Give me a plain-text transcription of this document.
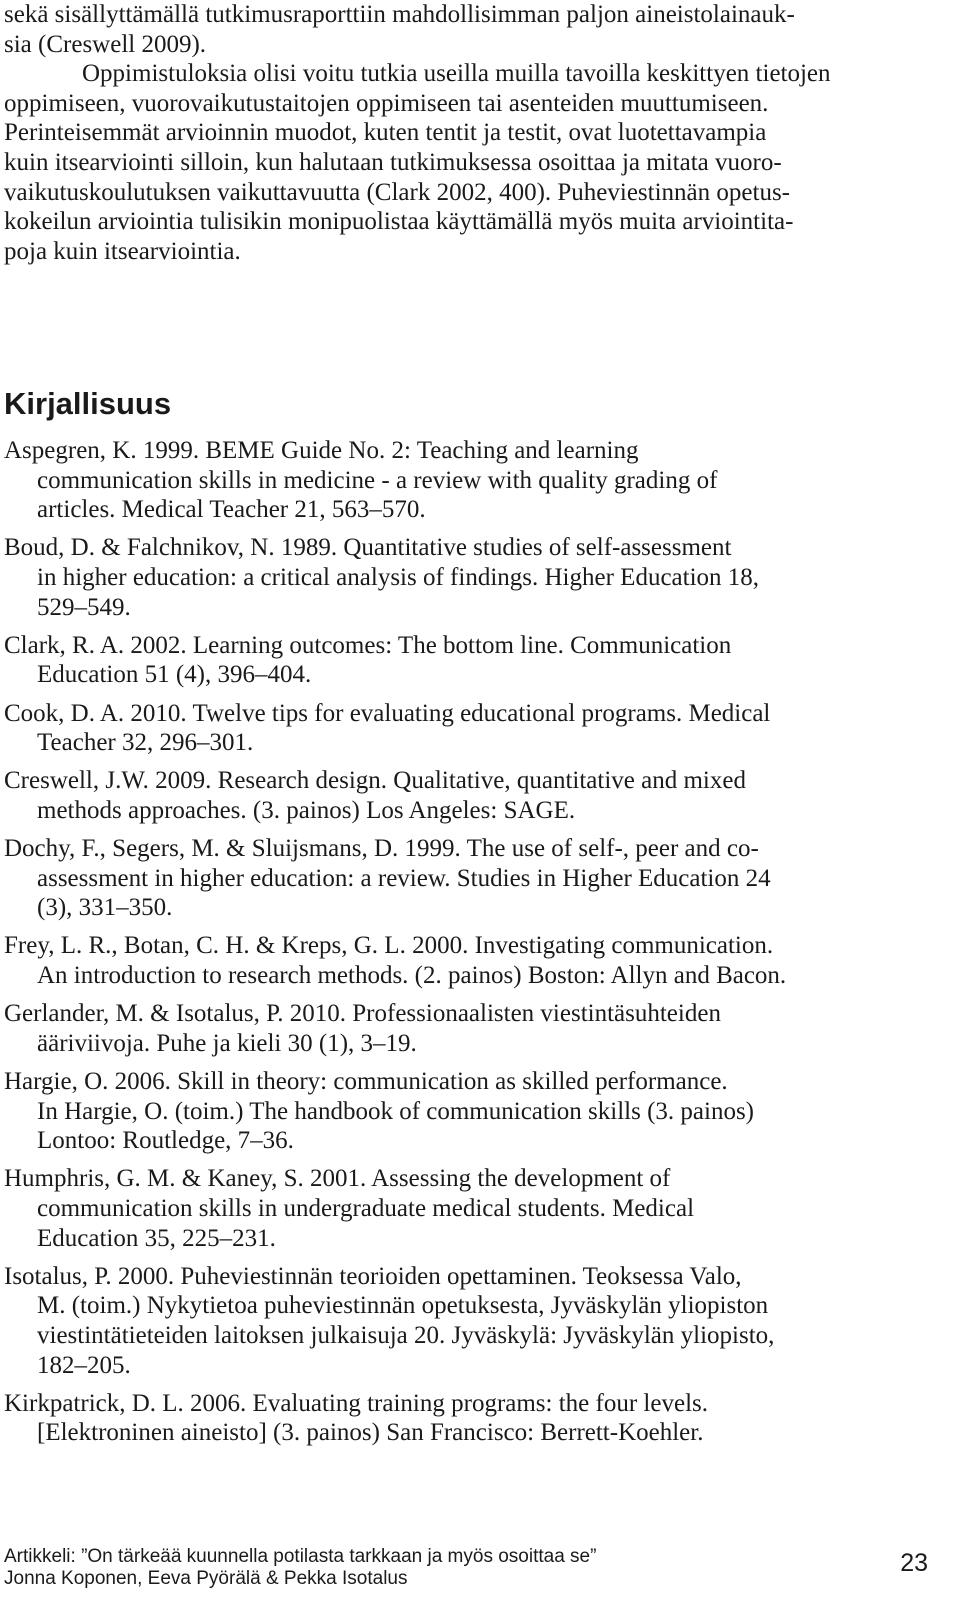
sekä sisällyttämällä tutkimusraporttiin mahdollisimman paljon aineistolainauk-
sia (Creswell 2009).
Oppimistuloksia olisi voitu tutkia useilla muilla tavoilla keskittyen tietojen
oppimiseen, vuorovaikutustaitojen oppimiseen tai asenteiden muuttumiseen.
Perinteisemmät arvioinnin muodot, kuten tentit ja testit, ovat luotettavampia
kuin itsearviointi silloin, kun halutaan tutkimuksessa osoittaa ja mitata vuoro-
vaikutuskoulutuksen vaikuttavuutta (Clark 2002, 400). Puheviestinnän opetus-
kokeilun arviointia tulisikin monipuolistaa käyttämällä myös muita arviointita-
poja kuin itsearviointia.
Kirjallisuus
Aspegren, K. 1999. BEME Guide No. 2: Teaching and learning
communication skills in medicine - a review with quality grading of
articles. Medical Teacher 21, 563–570.
Boud, D. & Falchnikov, N. 1989. Quantitative studies of self-assessment
in higher education: a critical analysis of findings. Higher Education 18,
529–549.
Clark, R. A. 2002. Learning outcomes: The bottom line. Communication
Education 51 (4), 396–404.
Cook, D. A. 2010. Twelve tips for evaluating educational programs. Medical
Teacher 32, 296–301.
Creswell, J.W. 2009. Research design. Qualitative, quantitative and mixed
methods approaches. (3. painos) Los Angeles: SAGE.
Dochy, F., Segers, M. & Sluijsmans, D. 1999. The use of self-, peer and co-
assessment in higher education: a review. Studies in Higher Education 24
(3), 331–350.
Frey, L. R., Botan, C. H. & Kreps, G. L. 2000. Investigating communication.
An introduction to research methods. (2. painos) Boston: Allyn and Bacon.
Gerlander, M. & Isotalus, P. 2010. Professionaalisten viestintäsuhteiden
ääriviivoja. Puhe ja kieli 30 (1), 3–19.
Hargie, O. 2006. Skill in theory: communication as skilled performance.
In Hargie, O. (toim.) The handbook of communication skills (3. painos)
Lontoo: Routledge, 7–36.
Humphris, G. M. & Kaney, S. 2001. Assessing the development of
communication skills in undergraduate medical students. Medical
Education 35, 225–231.
Isotalus, P. 2000. Puheviestinnän teorioiden opettaminen. Teoksessa Valo,
M. (toim.) Nykytietoa puheviestinnän opetuksesta, Jyväskylän yliopiston
viestintätieteiden laitoksen julkaisuja 20. Jyväskylä: Jyväskylän yliopisto,
182–205.
Kirkpatrick, D. L. 2006. Evaluating training programs: the four levels.
[Elektroninen aineisto] (3. painos) San Francisco: Berrett-Koehler.
Artikkeli: ”On tärkeää kuunnella potilasta tarkkaan ja myös osoittaa se”
Jonna Koponen, Eeva Pyörälä & Pekka Isotalus
23
